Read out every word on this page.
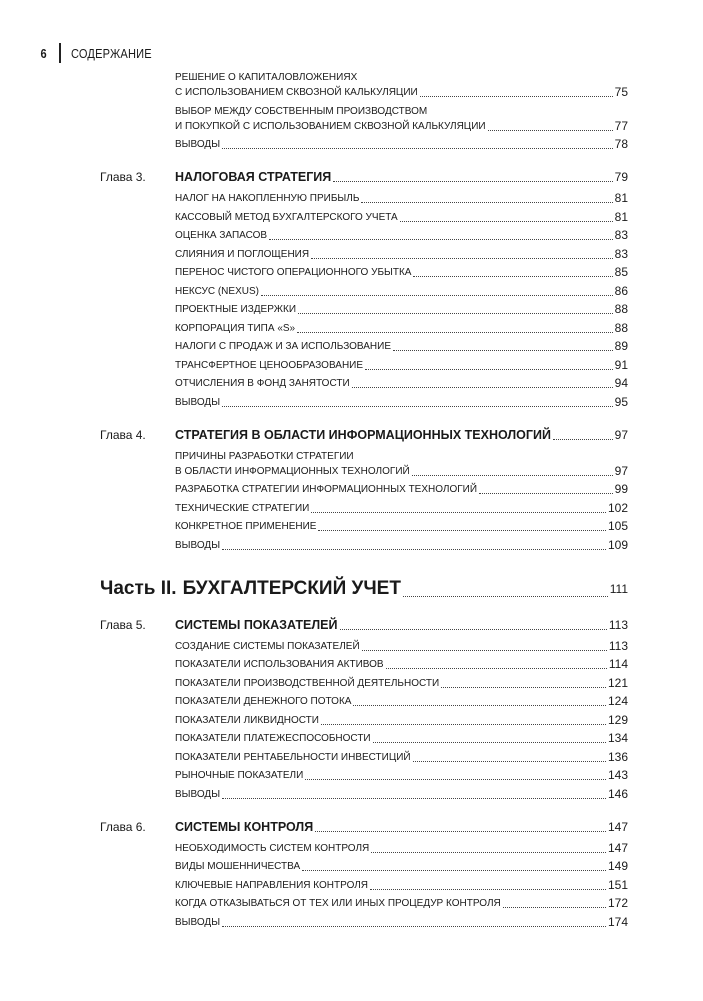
6 СОДЕРЖАНИЕ
РЕШЕНИЕ О КАПИТАЛОВЛОЖЕНИЯХ
С ИСПОЛЬЗОВАНИЕМ СКВОЗНОЙ КАЛЬКУЛЯЦИИ	75
ВЫБОР МЕЖДУ СОБСТВЕННЫМ ПРОИЗВОДСТВОМ
И ПОКУПКОЙ С ИСПОЛЬЗОВАНИЕМ СКВОЗНОЙ КАЛЬКУЛЯЦИИ	77
ВЫВОДЫ	78
Глава 3.	НАЛОГОВАЯ СТРАТЕГИЯ	79
НАЛОГ НА НАКОПЛЕННУЮ ПРИБЫЛЬ	81
КАССОВЫЙ МЕТОД БУХГАЛТЕРСКОГО УЧЕТА	81
ОЦЕНКА ЗАПАСОВ	83
СЛИЯНИЯ И ПОГЛОЩЕНИЯ	83
ПЕРЕНОС ЧИСТОГО ОПЕРАЦИОННОГО УБЫТКА	85
НЕКСУС (NEXUS)	86
ПРОЕКТНЫЕ ИЗДЕРЖКИ	88
КОРПОРАЦИЯ ТИПА «S»	88
НАЛОГИ С ПРОДАЖ И ЗА ИСПОЛЬЗОВАНИЕ	89
ТРАНСФЕРТНОЕ ЦЕНООБРАЗОВАНИЕ	91
ОТЧИСЛЕНИЯ В ФОНД ЗАНЯТОСТИ	94
ВЫВОДЫ	95
Глава 4.	СТРАТЕГИЯ В ОБЛАСТИ ИНФОРМАЦИОННЫХ ТЕХНОЛОГИЙ	97
ПРИЧИНЫ РАЗРАБОТКИ СТРАТЕГИИ
В ОБЛАСТИ ИНФОРМАЦИОННЫХ ТЕХНОЛОГИЙ	97
РАЗРАБОТКА СТРАТЕГИИ ИНФОРМАЦИОННЫХ ТЕХНОЛОГИЙ	99
ТЕХНИЧЕСКИЕ СТРАТЕГИИ	102
КОНКРЕТНОЕ ПРИМЕНЕНИЕ	105
ВЫВОДЫ	109
Часть II. БУХГАЛТЕРСКИЙ УЧЕТ	111
Глава 5.	СИСТЕМЫ ПОКАЗАТЕЛЕЙ	113
СОЗДАНИЕ СИСТЕМЫ ПОКАЗАТЕЛЕЙ	113
ПОКАЗАТЕЛИ ИСПОЛЬЗОВАНИЯ АКТИВОВ	114
ПОКАЗАТЕЛИ ПРОИЗВОДСТВЕННОЙ ДЕЯТЕЛЬНОСТИ	121
ПОКАЗАТЕЛИ ДЕНЕЖНОГО ПОТОКА	124
ПОКАЗАТЕЛИ ЛИКВИДНОСТИ	129
ПОКАЗАТЕЛИ ПЛАТЕЖЕСПОСОБНОСТИ	134
ПОКАЗАТЕЛИ РЕНТАБЕЛЬНОСТИ ИНВЕСТИЦИЙ	136
РЫНОЧНЫЕ ПОКАЗАТЕЛИ	143
ВЫВОДЫ	146
Глава 6.	СИСТЕМЫ КОНТРОЛЯ	147
НЕОБХОДИМОСТЬ СИСТЕМ КОНТРОЛЯ	147
ВИДЫ МОШЕННИЧЕСТВА	149
КЛЮЧЕВЫЕ НАПРАВЛЕНИЯ КОНТРОЛЯ	151
КОГДА ОТКАЗЫВАТЬСЯ ОТ ТЕХ ИЛИ ИНЫХ ПРОЦЕДУР КОНТРОЛЯ	172
ВЫВОДЫ	174
